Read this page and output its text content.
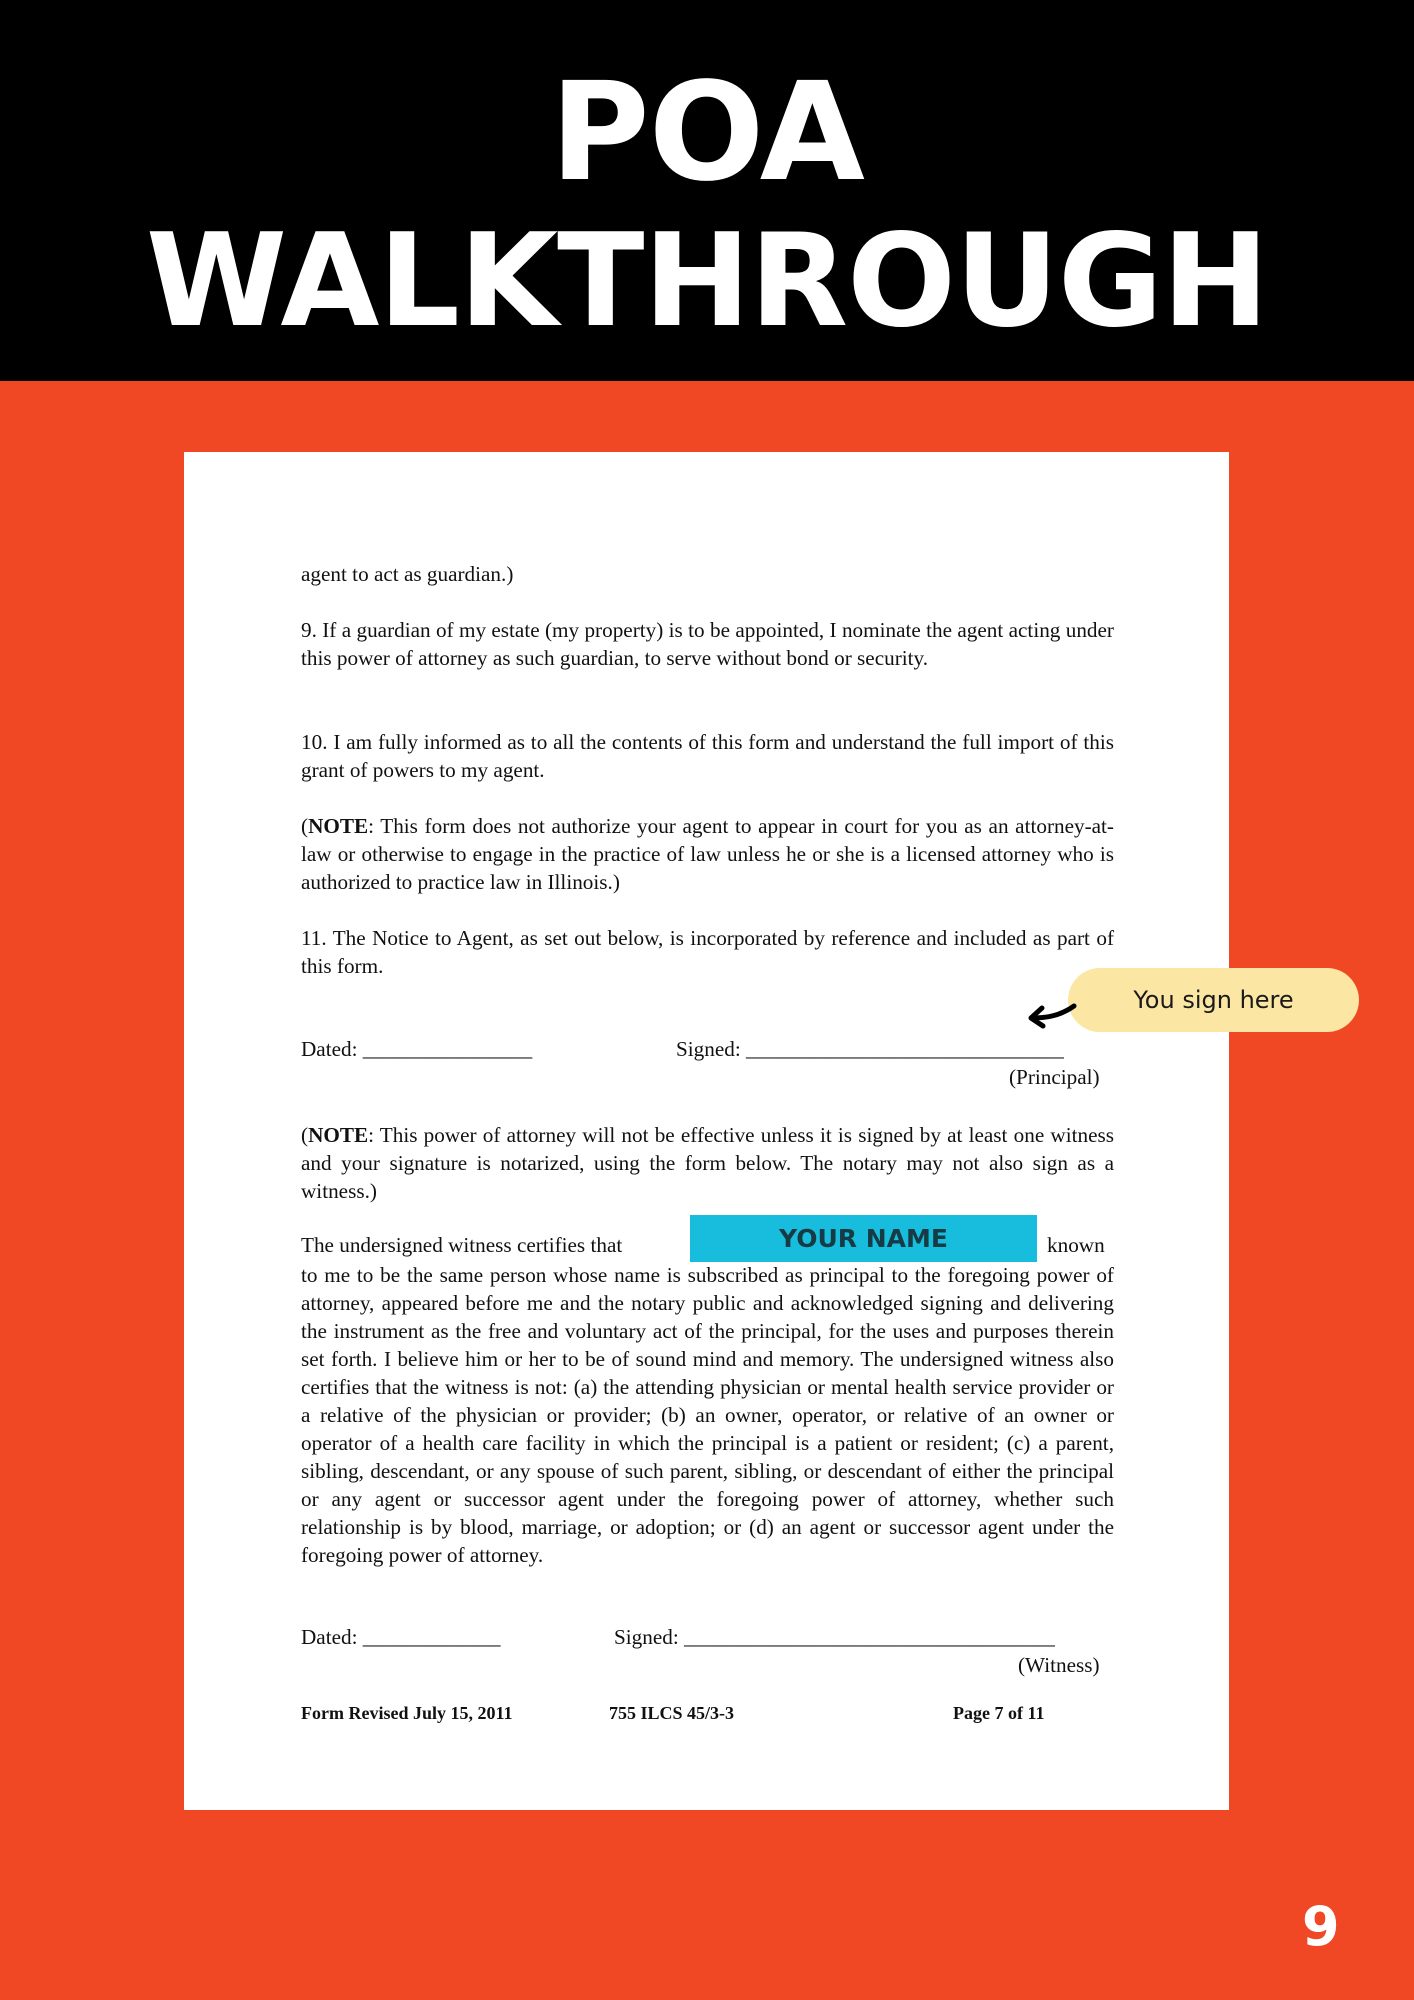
POA
WALKTHROUGH

agent to act as guardian.)

9. If a guardian of my estate (my property) is to be appointed, I nominate the agent acting under this power of attorney as such guardian, to serve without bond or security.

10. I am fully informed as to all the contents of this form and understand the full import of this grant of powers to my agent.

(NOTE: This form does not authorize your agent to appear in court for you as an attorney-at-law or otherwise to engage in the practice of law unless he or she is a licensed attorney who is authorized to practice law in Illinois.)

11. The Notice to Agent, as set out below, is incorporated by reference and included as part of this form.

Dated: ________________	Signed: ______________________________
(Principal)

(NOTE: This power of attorney will not be effective unless it is signed by at least one witness and your signature is notarized, using the form below. The notary may not also sign as a witness.)

The undersigned witness certifies that	known

to me to be the same person whose name is subscribed as principal to the foregoing power of attorney, appeared before me and the notary public and acknowledged signing and delivering the instrument as the free and voluntary act of the principal, for the uses and purposes therein set forth. I believe him or her to be of sound mind and memory. The undersigned witness also certifies that the witness is not: (a) the attending physician or mental health service provider or a relative of the physician or provider; (b) an owner, operator, or relative of an owner or operator of a health care facility in which the principal is a patient or resident; (c) a parent, sibling, descendant, or any spouse of such parent, sibling, or descendant of either the principal or any agent or successor agent under the foregoing power of attorney, whether such relationship is by blood, marriage, or adoption; or (d) an agent or successor agent under the foregoing power of attorney.

Dated: _____________	Signed: ___________________________________
(Witness)
Form Revised July 15, 2011	755 ILCS 45/3-3	Page 7 of 11
You sign here
YOUR NAME
9
